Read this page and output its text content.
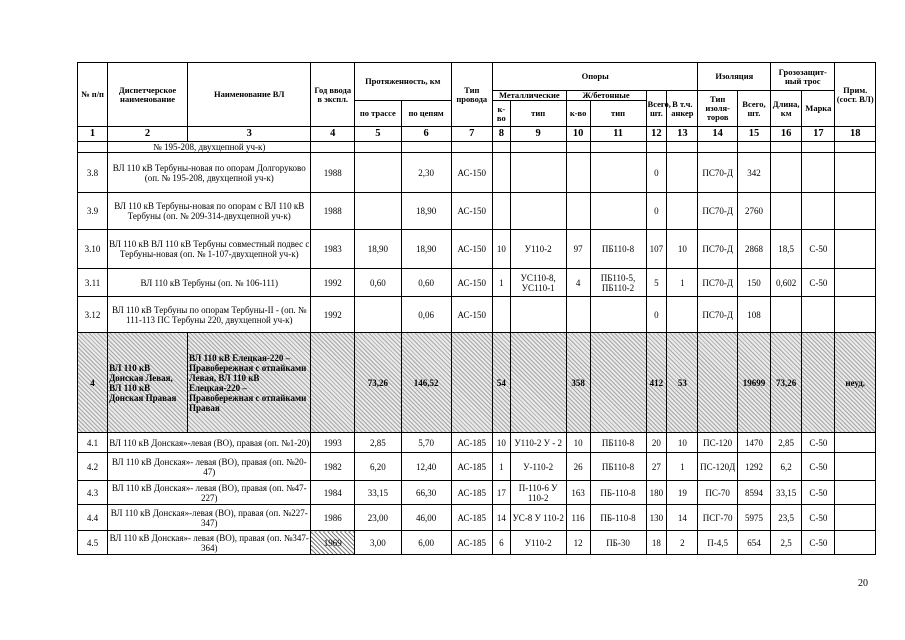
№ п/п	Диспетчерское наименование	Наименование ВЛ	Год ввода в экспл.	Протяженность, км		Тип провода	Опоры						Изоляция		Грозозащит-ный трос		Прим. (сост. ВЛ)
							Металлические		Ж/бетонные		Всего, шт.	В т.ч. анкер	Тип изоля-торов	Всего, шт.	Длина, км	Марка	
				по трассе	по цепям		к-во	тип	к-во	тип							
1	2	3	4	5	6	7	8	9	10	11	12	13	14	15	16	17	18
	№ 195-208, двухцепной уч-к)																
3.8	ВЛ 110 кВ Тербуны-новая по опорам Долгоруково (оп. № 195-208, двухцепной уч-к)		1988		2,30	АС-150					0		ПС70-Д	342			
3.9	ВЛ 110 кВ Тербуны-новая по опорам с ВЛ 110 кВ Тербуны (оп. № 209-314-двухцепной уч-к)		1988		18,90	АС-150					0		ПС70-Д	2760			
3.10	ВЛ 110 кВ ВЛ 110 кВ Тербуны совместный подвес с Тербуны-новая (оп. № 1-107-двухцепной уч-к)		1983	18,90	18,90	АС-150	10	У110-2	97	ПБ110-8	107	10	ПС70-Д	2868	18,5	С-50	
3.11	ВЛ 110 кВ Тербуны (оп. № 106-111)		1992	0,60	0,60	АС-150	1	УС110-8, УС110-1	4	ПБ110-5, ПБ110-2	5	1	ПС70-Д	150	0,602	С-50	
3.12	ВЛ 110 кВ Тербуны по опорам Тербуны-II - (оп. № 111-113 ПС Тербуны 220, двухцепной уч-к)		1992		0,06	АС-150					0		ПС70-Д	108			
4	ВЛ 110 кВ Донская Левая, ВЛ 110 кВ Донская Правая	ВЛ 110 кВ Елецкая-220 – Правобережная с отпайками Левая, ВЛ 110 кВ Елецкая-220 – Правобережная с отпайками Правая		73,26	146,52		54		358		412	53		19699	73,26		неуд.
4.1	ВЛ 110 кВ Донская»-левая (ВО), правая (оп. №1-20)		1993	2,85	5,70	АС-185	10	У110-2 У - 2	10	ПБ110-8	20	10	ПС-120	1470	2,85	С-50	
4.2	ВЛ 110 кВ Донская»- левая (ВО), правая (оп. №20-47)		1982	6,20	12,40	АС-185	1	У-110-2	26	ПБ110-8	27	1	ПС-120Д	1292	6,2	С-50	
4.3	ВЛ 110 кВ Донская»- левая (ВО), правая (оп. №47-227)		1984	33,15	66,30	АС-185	17	П-110-6 У 110-2	163	ПБ-110-8	180	19	ПС-70	8594	33,15	С-50	
4.4	ВЛ 110 кВ Донская»-левая (ВО), правая (оп. №227-347)		1986	23,00	46,00	АС-185	14	УС-8 У 110-2	116	ПБ-110-8	130	14	ПСГ-70	5975	23,5	С-50	
4.5	ВЛ 110 кВ Донская»- левая (ВО), правая (оп. №347-364)		1969	3,00	6,00	АС-185	6	У110-2	12	ПБ-30	18	2	П-4,5	654	2,5	С-50	
20
